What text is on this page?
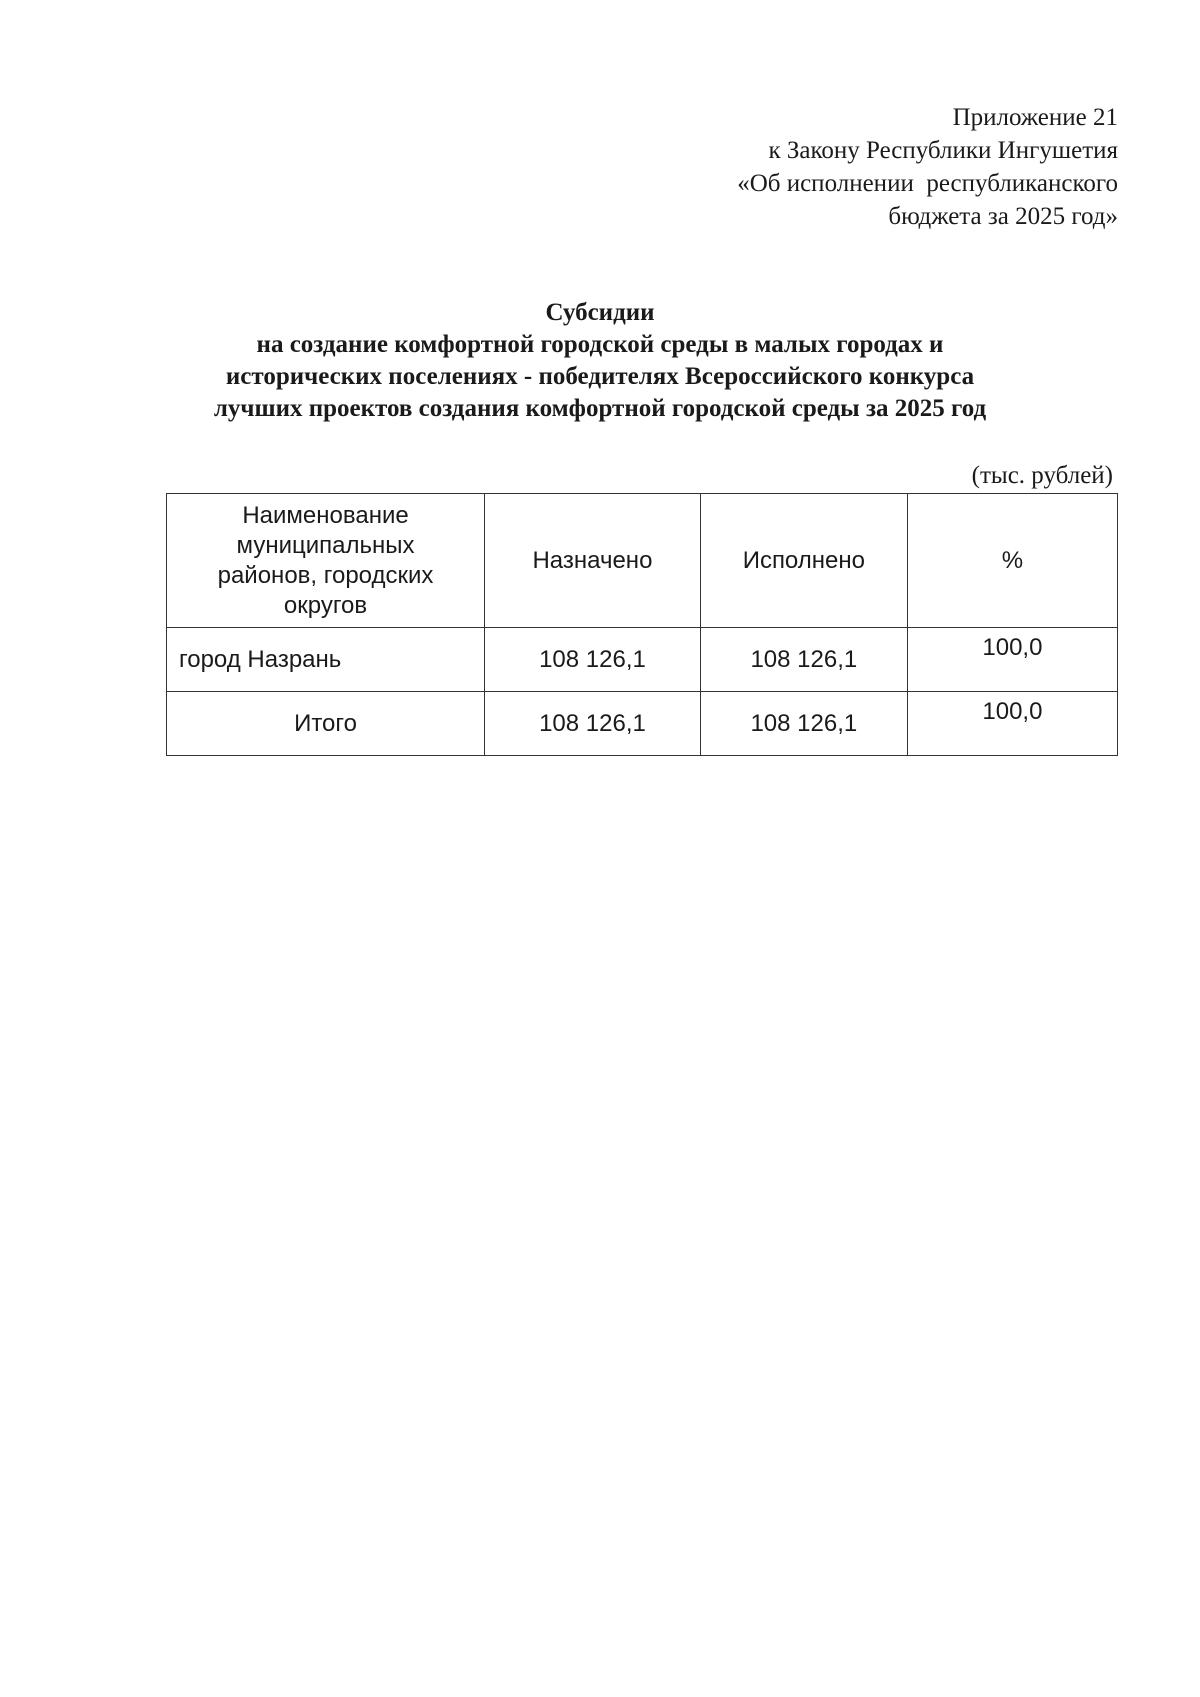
Приложение 21
к Закону Республики Ингушетия
«Об исполнении  республиканского
бюджета за 2025 год»
Субсидии
на создание комфортной городской среды в малых городах и
исторических поселениях - победителях Всероссийского конкурса
лучших проектов создания комфортной городской среды за 2025 год
(тыс. рублей)
Наименование муниципальных районов, городских округов	Назначено	Исполнено	%
город Назрань	108 126,1	108 126,1	100,0
Итого	108 126,1	108 126,1	100,0
